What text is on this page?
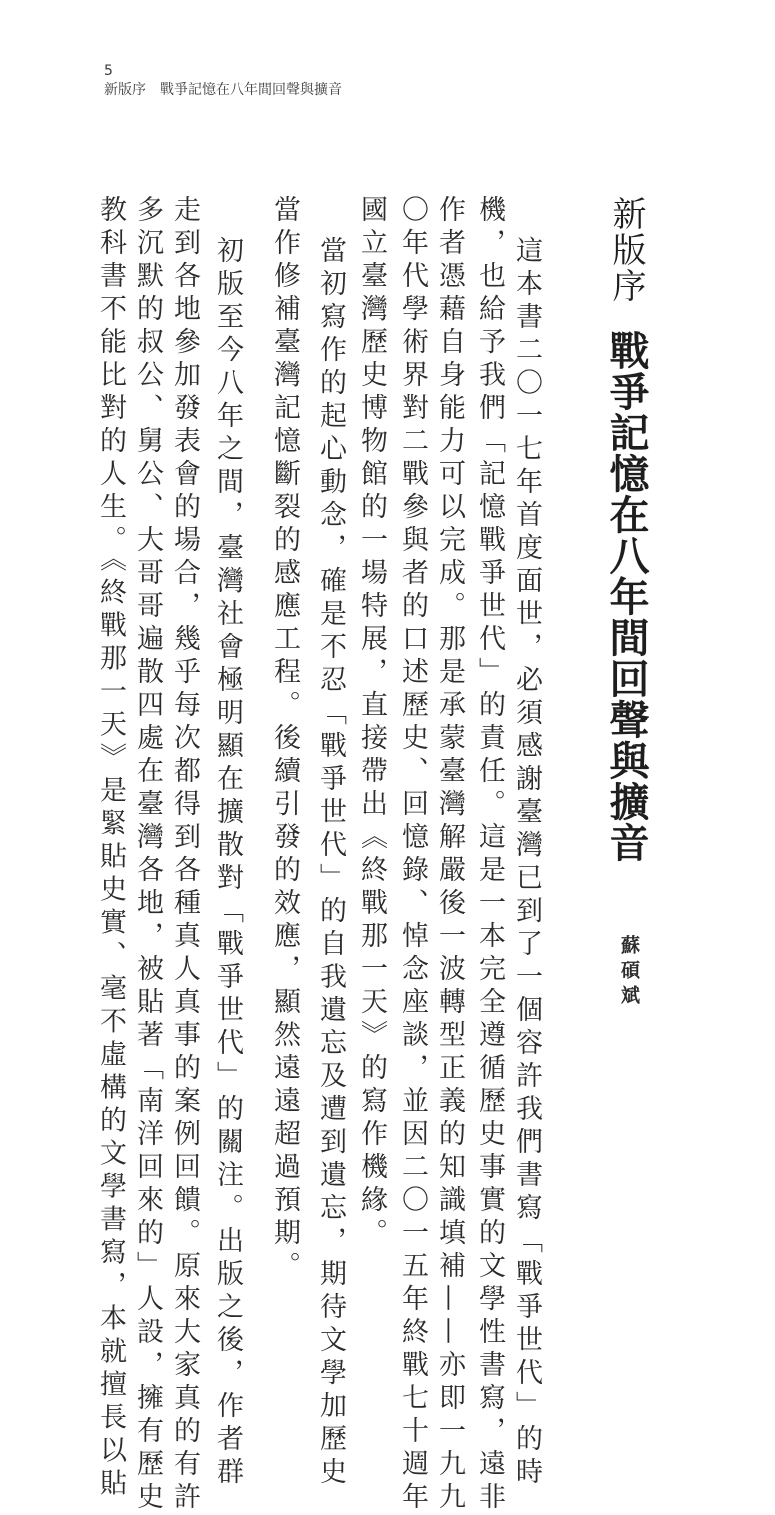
5
新版序　戰爭記憶在八年間回聲與擴音
新版序戰爭記憶在八年間回聲與擴音
蘇碩斌
這本書二〇一七年首度面世，必須感謝臺灣已到了一個容許我們書寫「戰爭世代」的時
機，也給予我們「記憶戰爭世代」的責任。這是一本完全遵循歷史事實的文學性書寫，遠非
作者憑藉自身能力可以完成。那是承蒙臺灣解嚴後一波轉型正義的知識填補——亦即一九九
〇年代學術界對二戰參與者的口述歷史、回憶錄、悼念座談，並因二〇一五年終戰七十週年
國立臺灣歷史博物館的一場特展，直接帶出《終戰那一天》的寫作機緣。
當初寫作的起心動念，確是不忍「戰爭世代」的自我遺忘及遭到遺忘，期待文學加歷史
當作修補臺灣記憶斷裂的感應工程。後續引發的效應，顯然遠遠超過預期。
初版至今八年之間，臺灣社會極明顯在擴散對「戰爭世代」的關注。出版之後，作者群
走到各地參加發表會的場合，幾乎每次都得到各種真人真事的案例回饋。原來大家真的有許
多沉默的叔公、舅公、大哥哥遍散四處在臺灣各地，被貼著「南洋回來的」人設，擁有歷史
教科書不能比對的人生。《終戰那一天》是緊貼史實、毫不虛構的文學書寫，本就擅長以貼
